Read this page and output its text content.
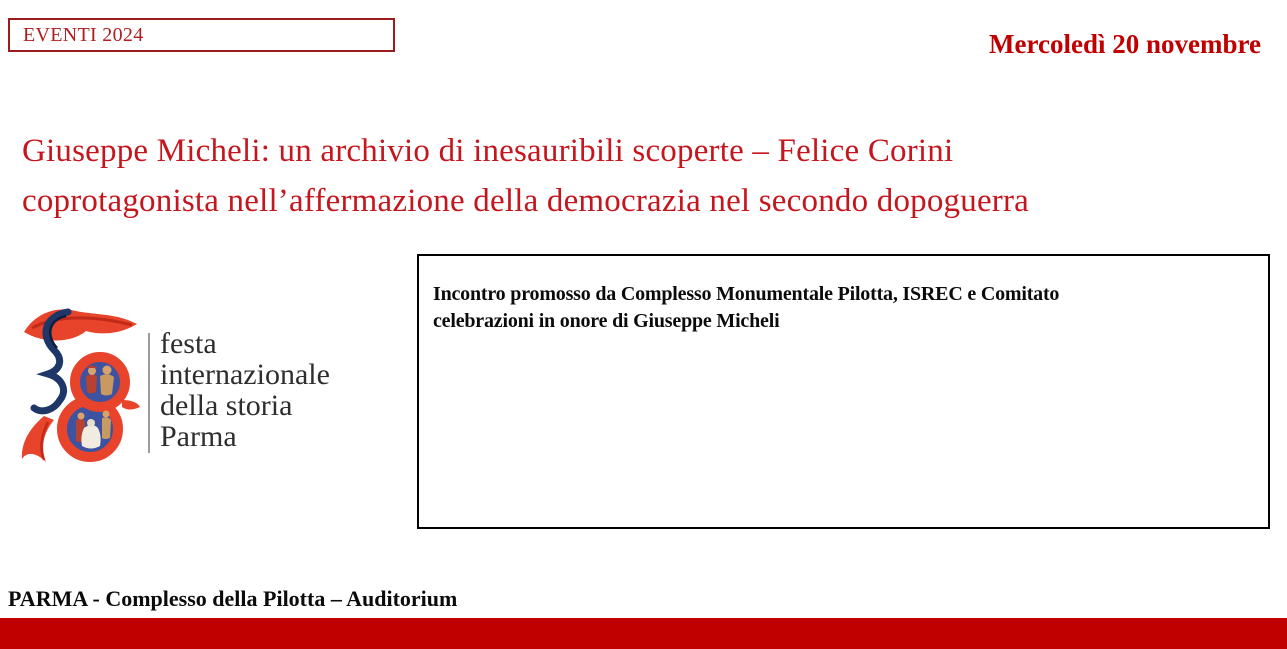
EVENTI 2024	Mercoledì 20 novembre
Giuseppe Micheli: un archivio di inesauribili scoperte – Felice Corini
coprotagonista nell’affermazione della democrazia nel secondo dopoguerra
festa
internazionale
della storia
Parma
Incontro promosso da Complesso Monumentale Pilotta, ISREC e Comitato
celebrazioni in onore di Giuseppe Micheli
PARMA - Complesso della Pilotta – Auditorium
